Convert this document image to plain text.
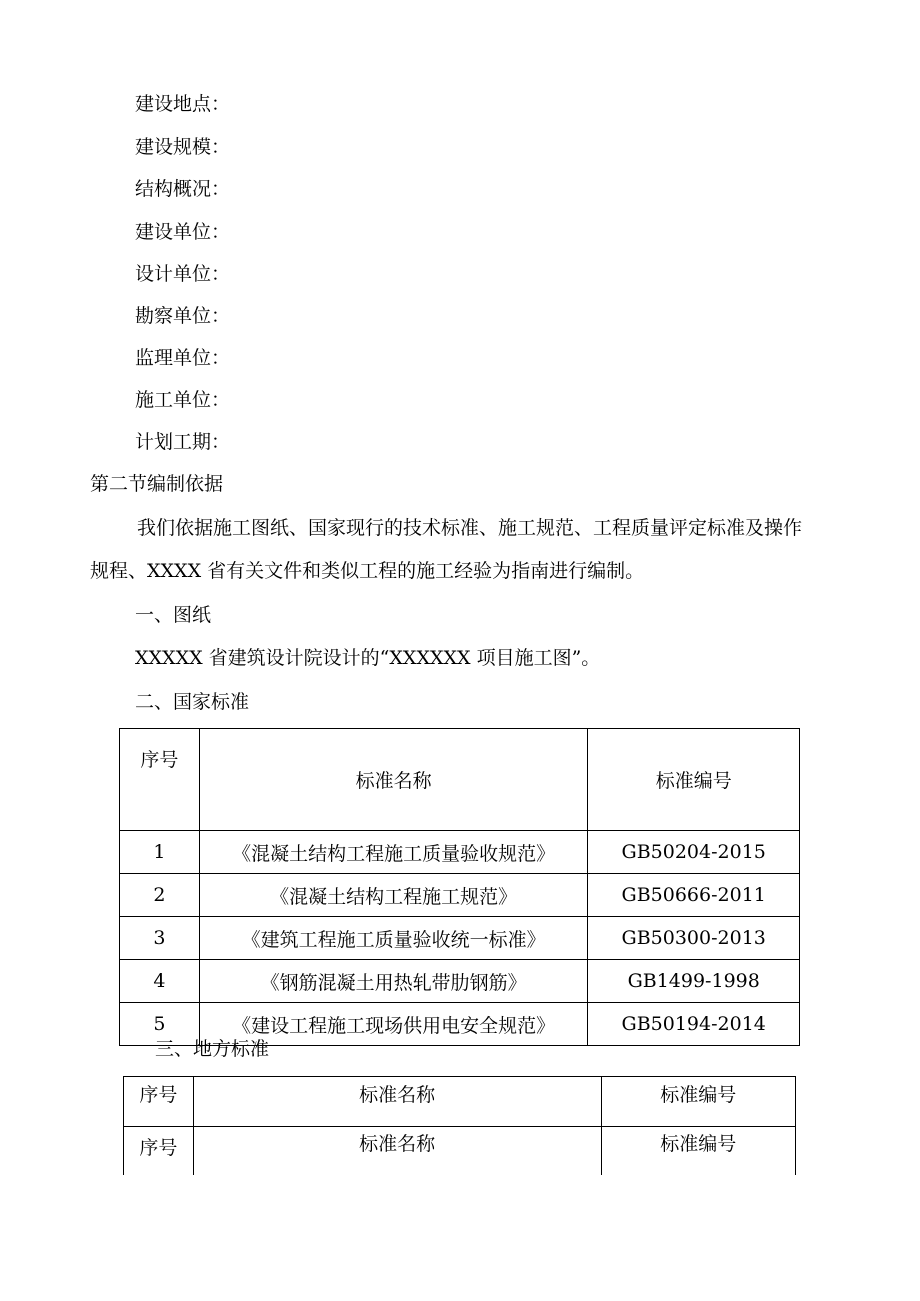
建设地点：
建设规模：
结构概况：
建设单位：
设计单位：
勘察单位：
监理单位：
施工单位：
计划工期：
第二节编制依据
我们依据施工图纸、国家现行的技术标准、施工规范、工程质量评定标准及操作
规程、XXXX 省有关文件和类似工程的施工经验为指南进行编制。
一、图纸
XXXXX 省建筑设计院设计的“XXXXXX 项目施工图”。
二、国家标准
序号	标准名称	标准编号
1	《混凝土结构工程施工质量验收规范》	GB50204-2015
2	《混凝土结构工程施工规范》	GB50666-2011
3	《建筑工程施工质量验收统一标准》	GB50300-2013
4	《钢筋混凝土用热轧带肋钢筋》	GB1499-1998
5	《建设工程施工现场供用电安全规范》	GB50194-2014
三、地方标准
序号	标准名称	标准编号
序号	标准名称	标准编号
